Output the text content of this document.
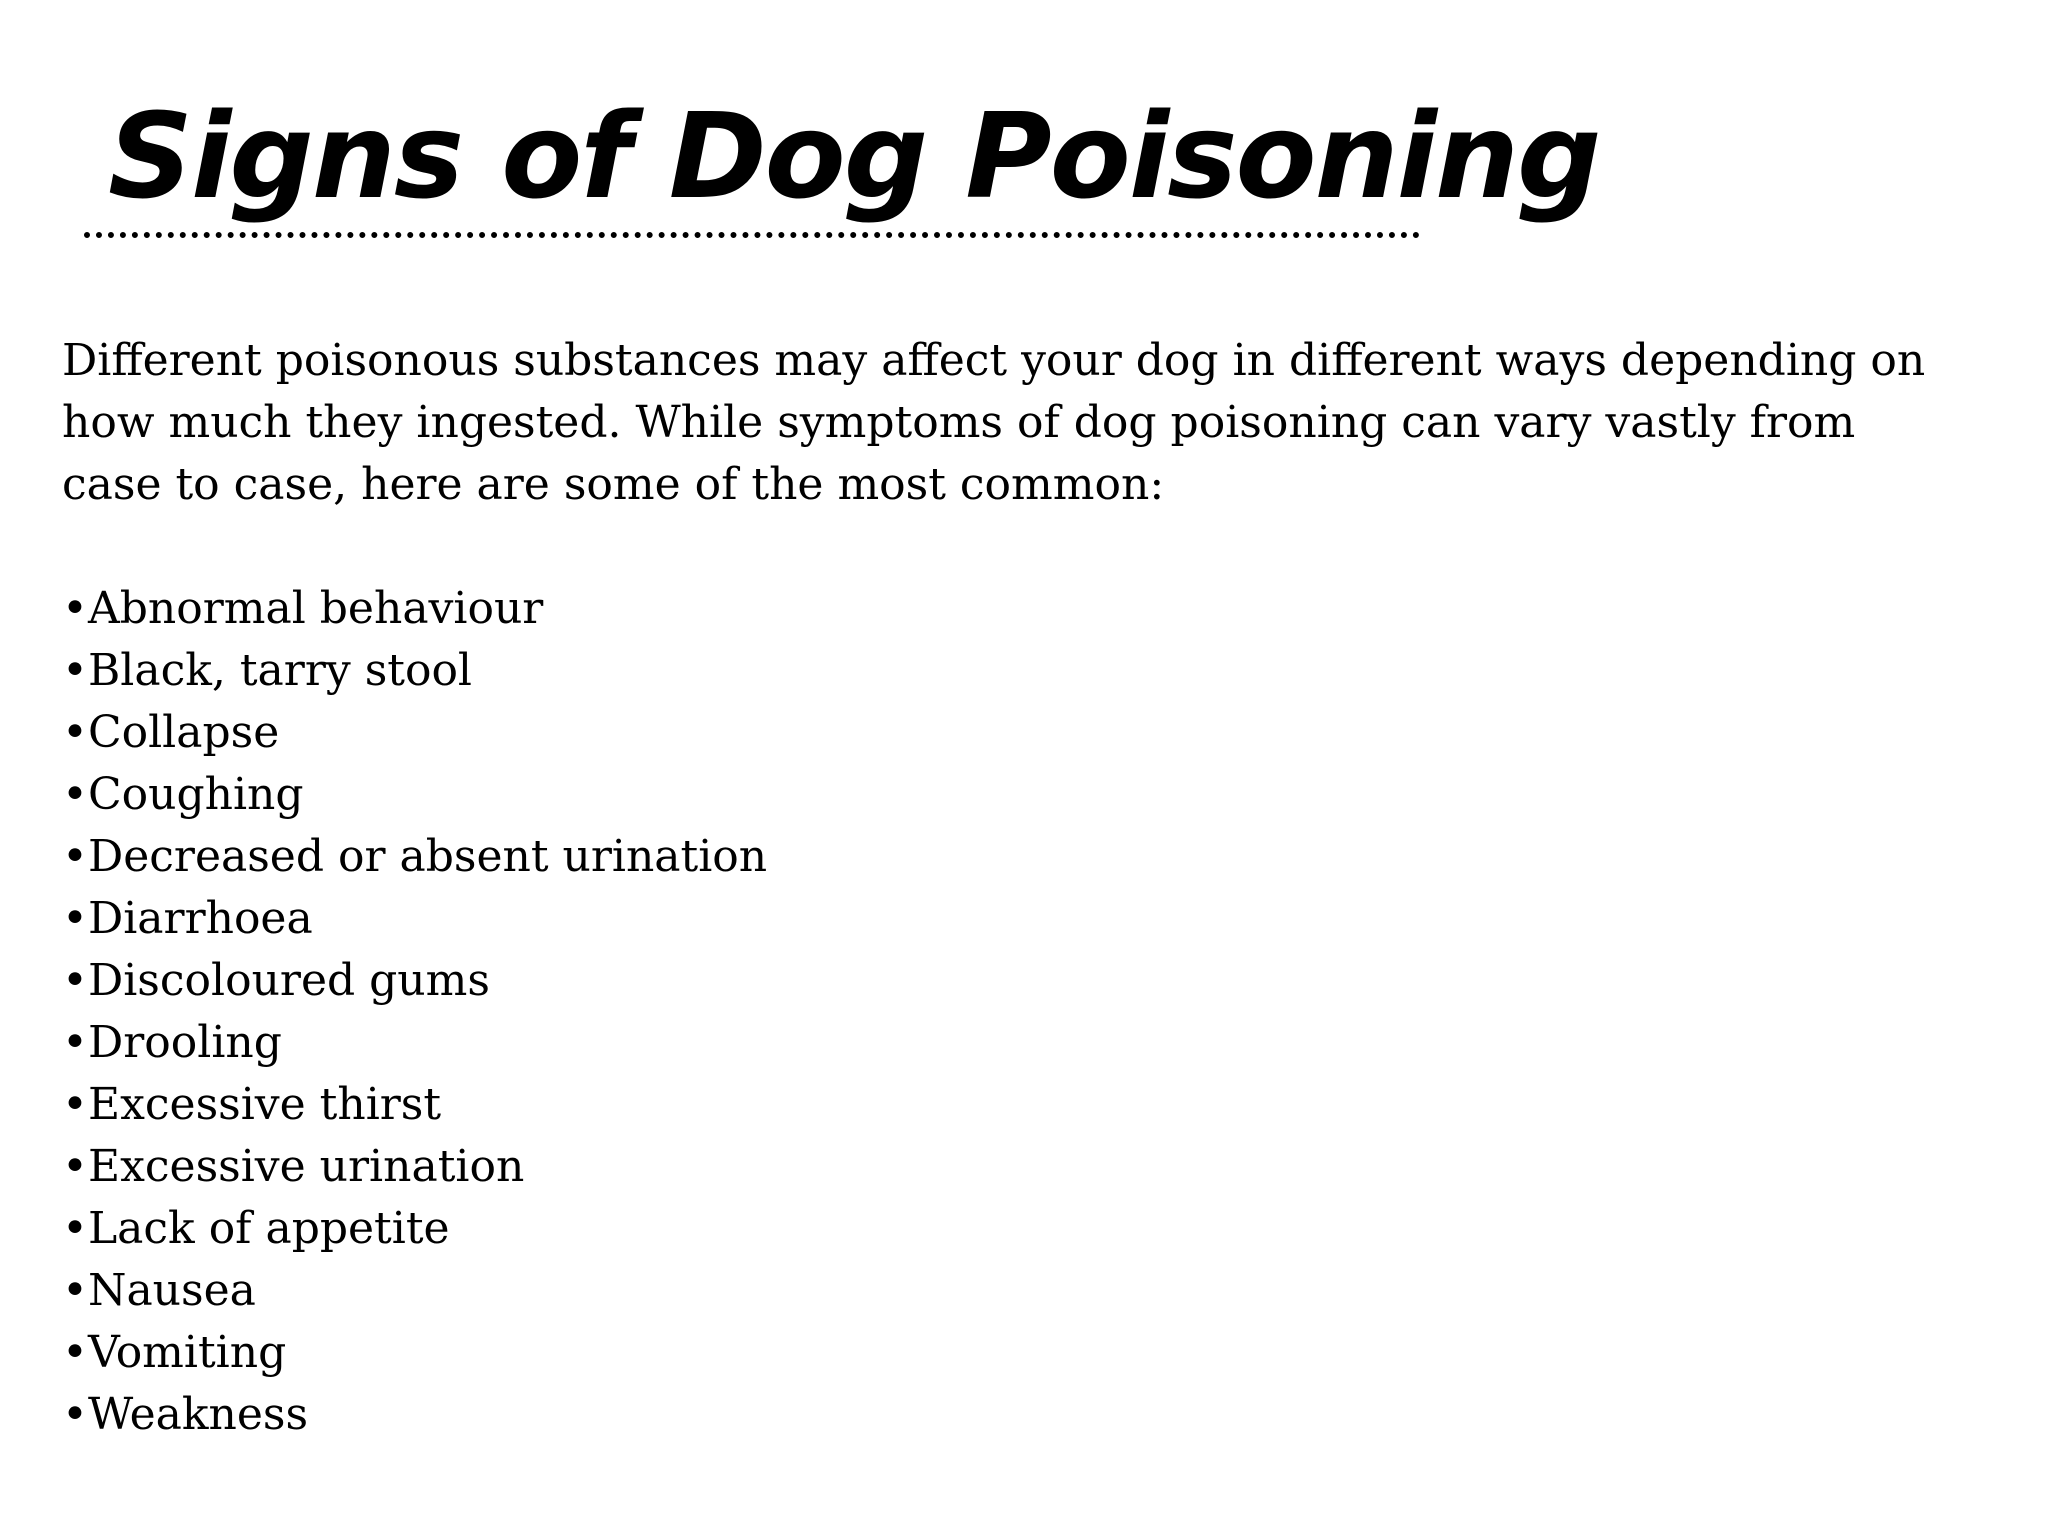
Signs of Dog Poisoning

Different poisonous substances may affect your dog in different ways depending on
how much they ingested. While symptoms of dog poisoning can vary vastly from
case to case, here are some of the most common:

•Abnormal behaviour
•Black, tarry stool
•Collapse
•Coughing
•Decreased or absent urination
•Diarrhoea
•Discoloured gums
•Drooling
•Excessive thirst
•Excessive urination
•Lack of appetite
•Nausea
•Vomiting
•Weakness
